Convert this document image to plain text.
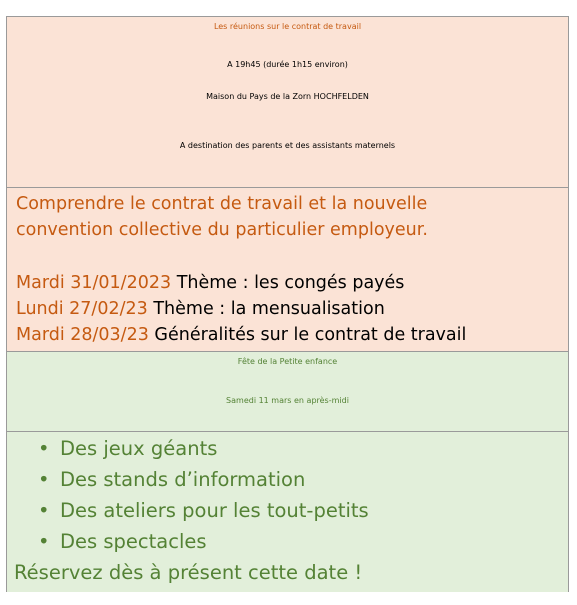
Les réunions sur le contrat de travail
A 19h45 (durée 1h15 environ)
Maison du Pays de la Zorn HOCHFELDEN
A destination des parents et des assistants maternels
Comprendre le contrat de travail et la nouvelle
convention collective du particulier employeur.
Mardi 31/01/2023 Thème : les congés payés
Lundi 27/02/23 Thème : la mensualisation
Mardi 28/03/23 Généralités sur le contrat de travail
Fête de la Petite enfance
Samedi 11 mars en après-midi
• Des jeux géants
• Des stands d’information
• Des ateliers pour les tout-petits
• Des spectacles
Réservez dès à présent cette date !
